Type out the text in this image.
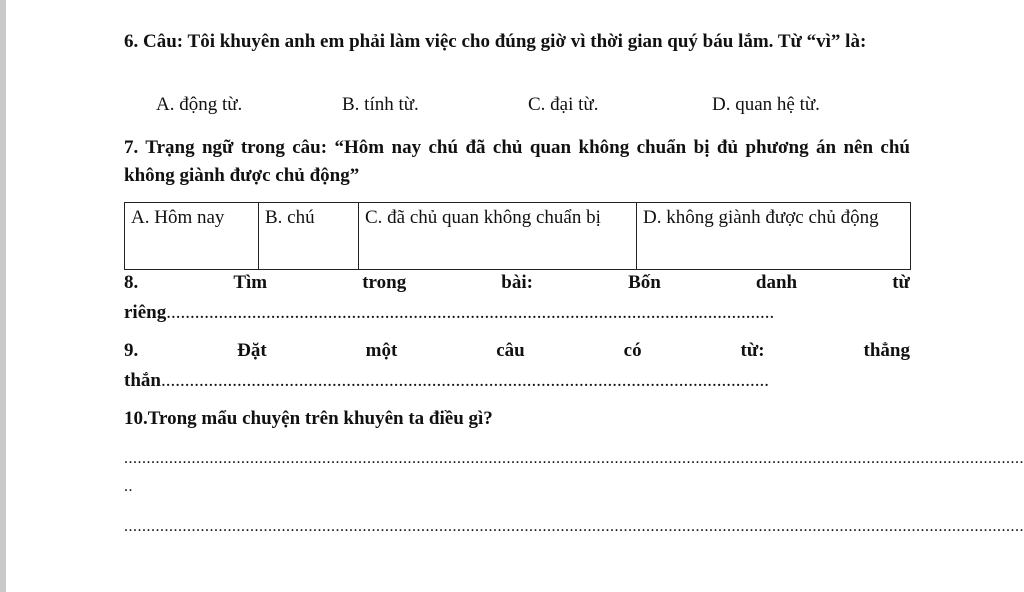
6. Câu: Tôi khuyên anh em phải làm việc cho đúng giờ vì thời gian quý báu lắm. Từ “vì” là:
A. động từ.	B. tính từ.	C. đại từ.	D. quan hệ từ.
7. Trạng ngữ trong câu: “Hôm nay chú đã chủ quan không chuẩn bị đủ phương án nên chú không giành được chủ động”
A. Hôm nay	B. chú	C. đã chủ quan không chuẩn bị	D. không giành được chủ động
8.	Tìm	trong	bài:	Bốn	danh	từ
riêng................................................................................................................................
9.	Đặt	một	câu	có	từ:	thẳng
thắn................................................................................................................................
10.Trong mẩu chuyện trên khuyên ta điều gì?
........................................................................................................................................................................................................
..
........................................................................................................................................................................................................
